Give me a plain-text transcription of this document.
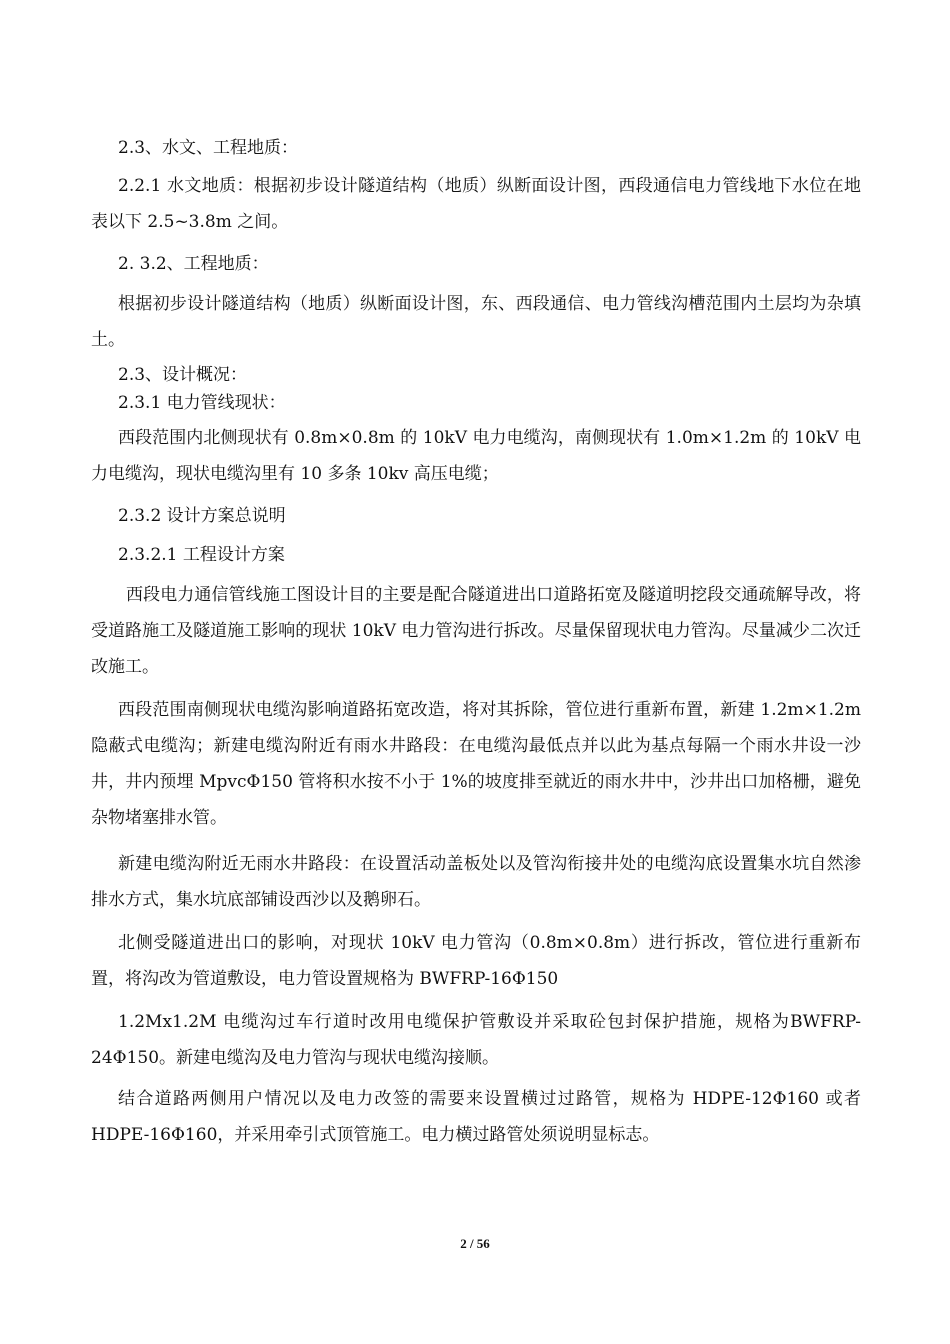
2.3、水文、工程地质：

2.2.1 水文地质：根据初步设计隧道结构（地质）纵断面设计图，西段通信电力管线地下水位在地表以下 2.5~3.8m 之间。

2. 3.2、工程地质：

根据初步设计隧道结构（地质）纵断面设计图，东、西段通信、电力管线沟槽范围内土层均为杂填土。

2.3、设计概况：

2.3.1 电力管线现状：

西段范围内北侧现状有 0.8m×0.8m 的 10kV 电力电缆沟，南侧现状有 1.0m×1.2m 的 10kV 电力电缆沟，现状电缆沟里有 10 多条 10kv 高压电缆；

2.3.2 设计方案总说明

2.3.2.1 工程设计方案

西段电力通信管线施工图设计目的主要是配合隧道进出口道路拓宽及隧道明挖段交通疏解导改，将受道路施工及隧道施工影响的现状 10kV 电力管沟进行拆改。尽量保留现状电力管沟。尽量减少二次迁改施工。

西段范围南侧现状电缆沟影响道路拓宽改造，将对其拆除，管位进行重新布置，新建 1.2m×1.2m 隐蔽式电缆沟；新建电缆沟附近有雨水井路段：在电缆沟最低点并以此为基点每隔一个雨水井设一沙井，井内预埋 MpvcΦ150 管将积水按不小于 1%的坡度排至就近的雨水井中，沙井出口加格栅，避免杂物堵塞排水管。

新建电缆沟附近无雨水井路段：在设置活动盖板处以及管沟衔接井处的电缆沟底设置集水坑自然渗排水方式，集水坑底部铺设西沙以及鹅卵石。

北侧受隧道进出口的影响，对现状 10kV 电力管沟（0.8m×0.8m）进行拆改，管位进行重新布置，将沟改为管道敷设，电力管设置规格为 BWFRP-16Φ150

1.2Mx1.2M 电缆沟过车行道时改用电缆保护管敷设并采取砼包封保护措施，规格为BWFRP-24Φ150。新建电缆沟及电力管沟与现状电缆沟接顺。

结合道路两侧用户情况以及电力改签的需要来设置横过过路管，规格为 HDPE-12Φ160 或者 HDPE-16Φ160，并采用牵引式顶管施工。电力横过路管处须说明显标志。

2 / 56
